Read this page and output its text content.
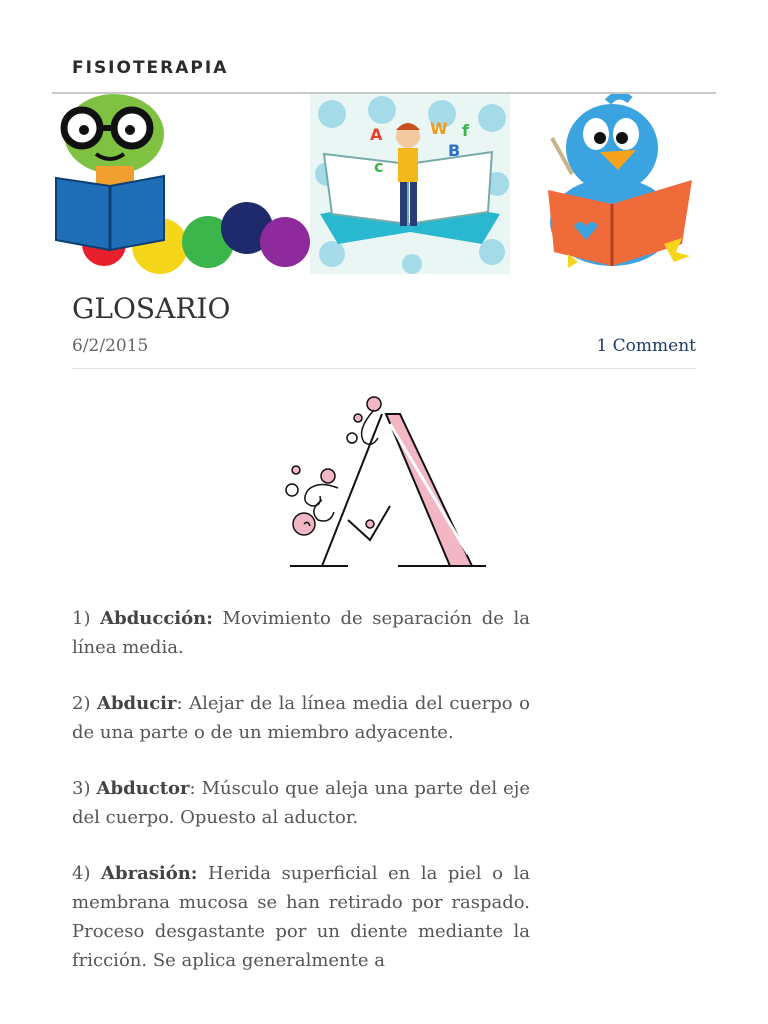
FISIOTERAPIA
A	W
B
c
f
GLOSARIO
6/2/2015	1 Comment

1) Abducción: Movimiento de separación de la línea media.

2) Abducir: Alejar de la línea media del cuerpo o de una parte o de un miembro adyacente.

3) Abductor: Músculo que aleja una parte del eje del cuerpo. Opuesto al aductor.

4) Abrasión: Herida superficial en la piel o la membrana mucosa se han retirado por raspado. Proceso desgastante por un diente mediante la fricción. Se aplica generalmente a
